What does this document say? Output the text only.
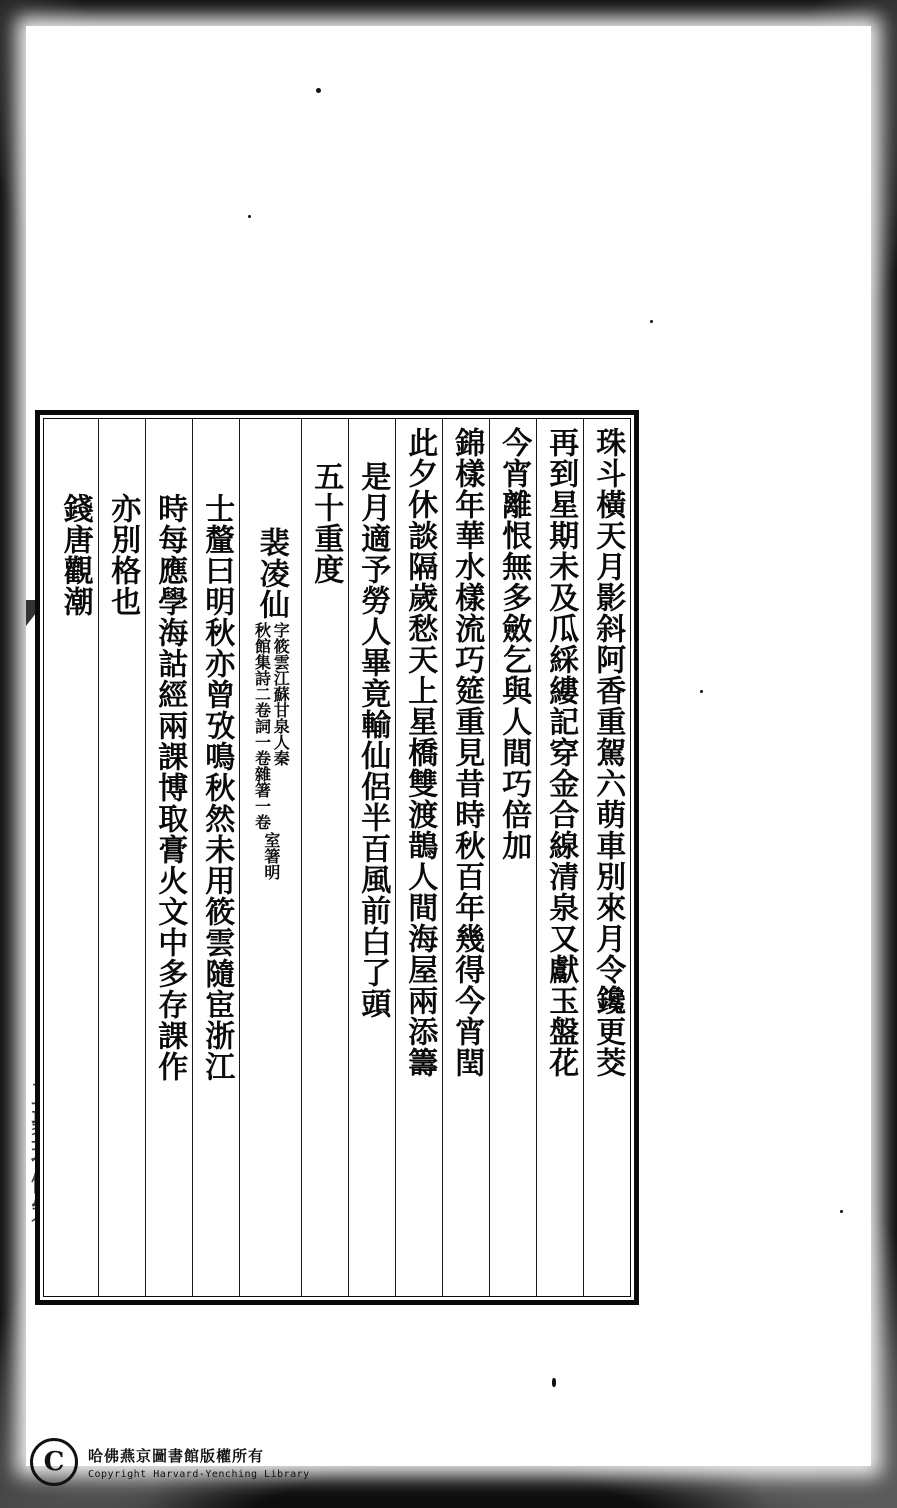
珠斗橫天月影斜阿香重駕六萌車別來月令鑱更茭
再到星期未及瓜綵縷記穿金合線清泉又獻玉盤花
今宵離恨無多斂乞與人間巧倍加
錦樣年華水樣流巧筵重見昔時秋百年幾得今宵閏
此夕休談隔歲愁天上星橋雙渡鵲人間海屋兩添籌
是月適予勞人畢竟輸仙侶半百風前白了頭
五十重度
裴凌仙
字筱雲江蘇甘泉人秦
秋館集詩二卷詞一卷雜箸一卷
室箸明
士釐曰明秋亦曾攷鳴秋然未用筱雲隨宦浙江
時每應學海詁經兩課博取膏火文中多存課作
亦別
格也
錢唐觀潮
C	哈佛燕京圖書館版權所有
Copyright Harvard-Yenching Library
